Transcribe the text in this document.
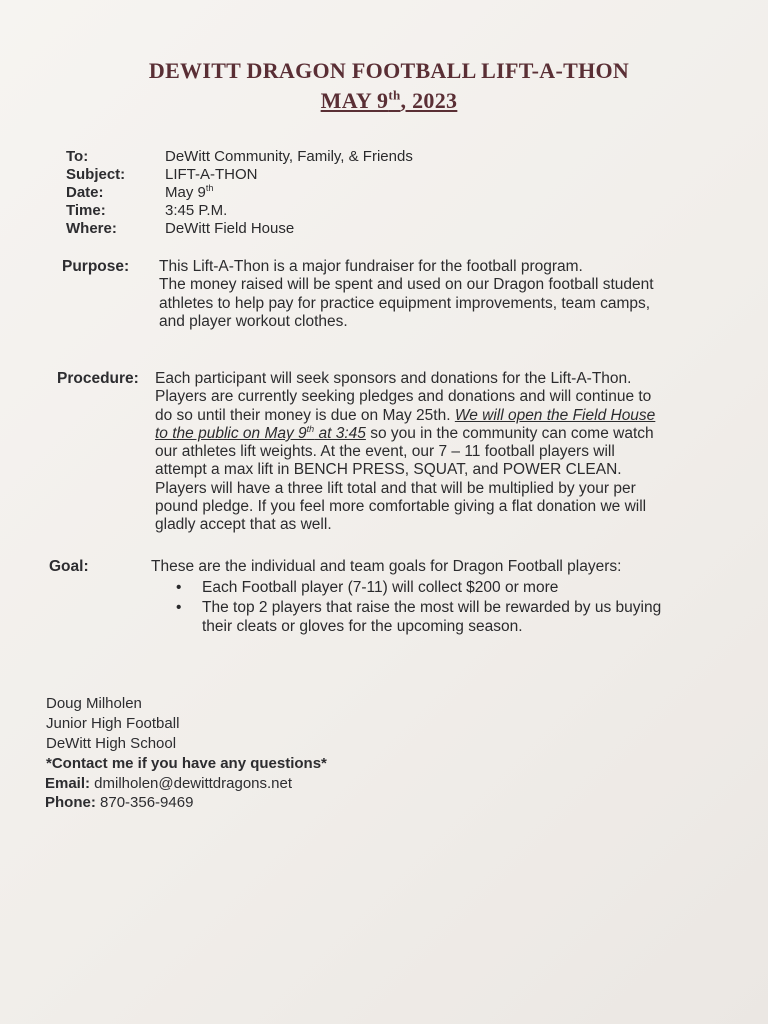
DEWITT DRAGON FOOTBALL LIFT-A-THON
MAY 9th, 2023
To:	DeWitt Community, Family, & Friends
Subject:	LIFT-A-THON
Date:	May 9th
Time:	3:45 P.M.
Where:	DeWitt Field House
Purpose: This Lift-A-Thon is a major fundraiser for the football program.
The money raised will be spent and used on our Dragon football student
athletes to help pay for practice equipment improvements, team camps,
and player workout clothes.
Procedure: Each participant will seek sponsors and donations for the Lift-A-Thon.
Players are currently seeking pledges and donations and will continue to
do so until their money is due on May 25th. We will open the Field House
to the public on May 9th at 3:45 so you in the community can come watch
our athletes lift weights. At the event, our 7 – 11 football players will
attempt a max lift in BENCH PRESS, SQUAT, and POWER CLEAN.
Players will have a three lift total and that will be multiplied by your per
pound pledge. If you feel more comfortable giving a flat donation we will
gladly accept that as well.
Goal:	These are the individual and team goals for Dragon Football players:
• Each Football player (7-11) will collect $200 or more
• The top 2 players that raise the most will be rewarded by us buying
their cleats or gloves for the upcoming season.
Doug Milholen
Junior High Football
DeWitt High School
*Contact me if you have any questions*
Email: dmilholen@dewittdragons.net
Phone: 870-356-9469
